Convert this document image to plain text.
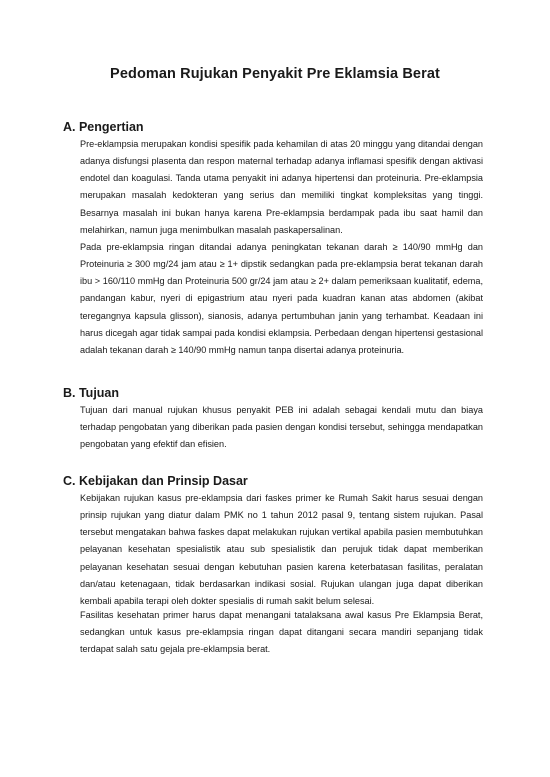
Pedoman Rujukan Penyakit Pre Eklamsia Berat
A. Pengertian

Pre-eklampsia merupakan kondisi spesifik pada kehamilan di atas 20 minggu yang ditandai dengan adanya disfungsi plasenta dan respon maternal terhadap adanya inflamasi spesifik dengan aktivasi endotel dan koagulasi. Tanda utama penyakit ini adanya hipertensi dan proteinuria. Pre-eklampsia merupakan masalah kedokteran yang serius dan memiliki tingkat kompleksitas yang tinggi. Besarnya masalah ini bukan hanya karena Pre-eklampsia berdampak pada ibu saat hamil dan melahirkan, namun juga menimbulkan masalah paskapersalinan.

Pada pre-eklampsia ringan ditandai adanya peningkatan tekanan darah ≥ 140/90 mmHg dan Proteinuria ≥ 300 mg/24 jam atau ≥ 1+ dipstik sedangkan pada pre-eklampsia berat tekanan darah ibu > 160/110 mmHg dan Proteinuria 500 gr/24 jam atau ≥ 2+ dalam pemeriksaan kualitatif, edema, pandangan kabur, nyeri di epigastrium atau nyeri pada kuadran kanan atas abdomen (akibat teregangnya kapsula glisson), sianosis, adanya pertumbuhan janin yang terhambat. Keadaan ini harus dicegah agar tidak sampai pada kondisi eklampsia. Perbedaan dengan hipertensi gestasional adalah tekanan darah ≥ 140/90 mmHg namun tanpa disertai adanya proteinuria.

B. Tujuan

Tujuan dari manual rujukan khusus penyakit PEB ini adalah sebagai kendali mutu dan biaya terhadap pengobatan yang diberikan pada pasien dengan kondisi tersebut, sehingga mendapatkan pengobatan yang efektif dan efisien.

C. Kebijakan dan Prinsip Dasar

Kebijakan rujukan kasus pre-eklampsia dari faskes primer ke Rumah Sakit harus sesuai dengan prinsip rujukan yang diatur dalam PMK no 1 tahun 2012 pasal 9, tentang sistem rujukan. Pasal tersebut mengatakan bahwa faskes dapat melakukan rujukan vertikal apabila pasien membutuhkan pelayanan kesehatan spesialistik atau sub spesialistik dan perujuk tidak dapat memberikan pelayanan kesehatan sesuai dengan kebutuhan pasien karena keterbatasan fasilitas, peralatan dan/atau ketenagaan, tidak berdasarkan indikasi sosial. Rujukan ulangan juga dapat diberikan kembali apabila terapi oleh dokter spesialis di rumah sakit belum selesai.

Fasilitas kesehatan primer harus dapat menangani tatalaksana awal kasus Pre Eklampsia Berat, sedangkan untuk kasus pre-eklampsia ringan dapat ditangani secara mandiri sepanjang tidak terdapat salah satu gejala pre-eklampsia berat.
